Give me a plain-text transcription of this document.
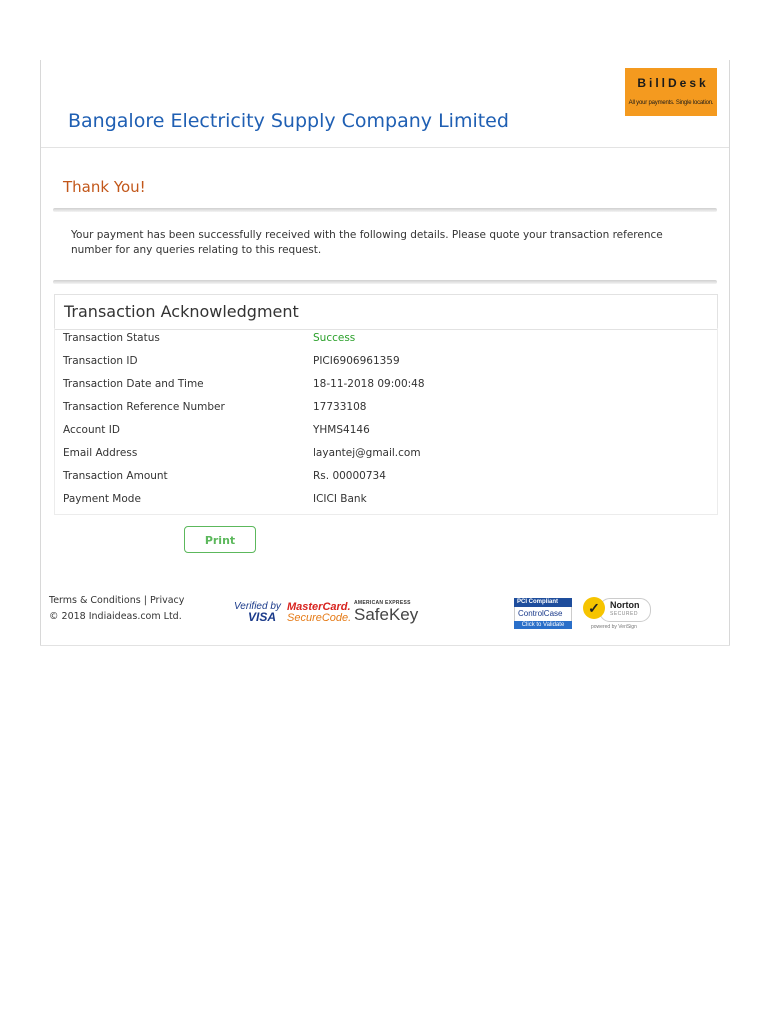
BillDesk
All your payments. Single location.
Bangalore Electricity Supply Company Limited
Thank You!
Your payment has been successfully received with the following details. Please quote your transaction reference number for any queries relating to this request.
Transaction Acknowledgment
Transaction Status	Success
Transaction ID	PICI6906961359
Transaction Date and Time	18-11-2018 09:00:48
Transaction Reference Number	17733108
Account ID	YHMS4146
Email Address	layantej@gmail.com
Transaction Amount	Rs. 00000734
Payment Mode	ICICI Bank
Print
Terms & Conditions | Privacy
© 2018 Indiaideas.com Ltd.
Verified by
VISA
MasterCard.
SecureCode.
AMERICAN EXPRESS
SafeKey
PCI Compliant
ControlCase
Click to Validate
Norton
SECURED
✓
powered by VeriSign
